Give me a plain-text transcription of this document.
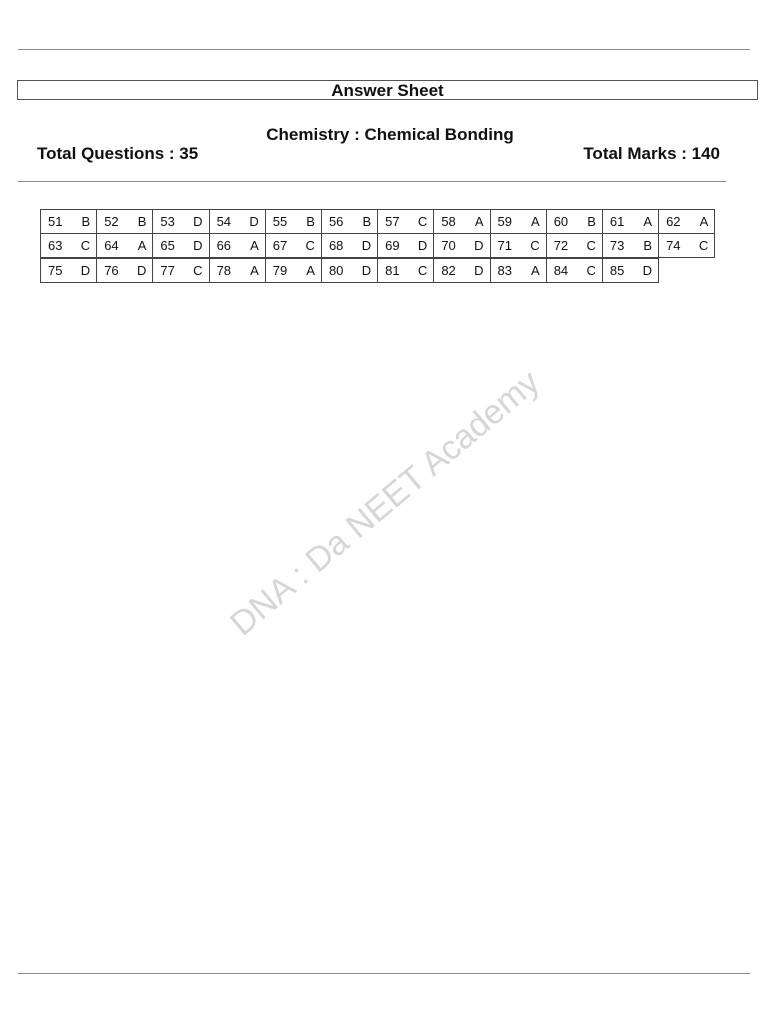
Answer Sheet
Chemistry : Chemical Bonding
Total Questions : 35	Total Marks : 140
51 B 52 B 53 D 54 D 55 B 56 B 57 C 58 A 59 A 60 B 61 A 62 A
63 C 64 A 65 D 66 A 67 C 68 D 69 D 70 D 71 C 72 C 73 B 74 C
75 D 76 D 77 C 78 A 79 A 80 D 81 C 82 D 83 A 84 C 85 D
DNA : Da NEET Academy
